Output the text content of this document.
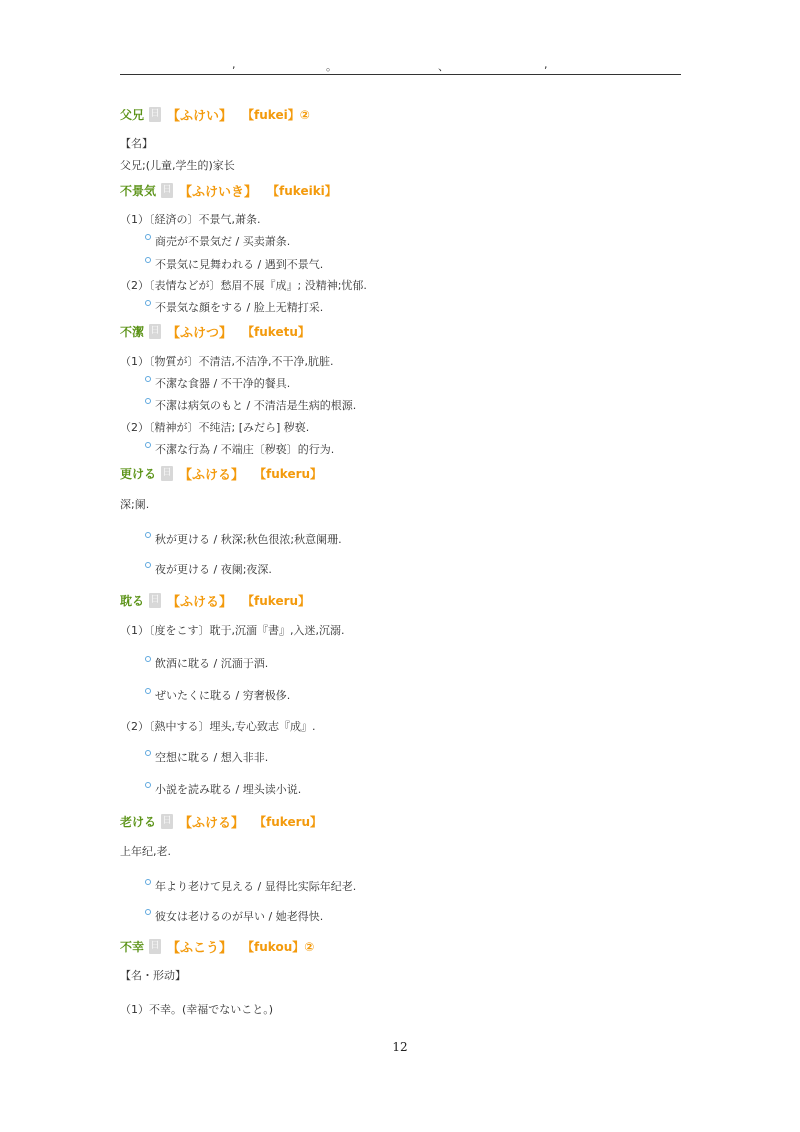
,	。	、	,
父兄 日 【ふけい】 【fukei】②
【名】
父兄;(儿童,学生的)家长
不景気 日 【ふけいき】 【fukeiki】
（1）〔経済の〕不景气,萧条.
商売が不景気だ / 买卖萧条.
不景気に見舞われる / 遇到不景气.
（2）〔表情などが〕愁眉不展『成』; 没精神;忧郁.
不景気な顔をする / 脸上无精打采.
不潔 日 【ふけつ】 【fuketu】
（1）〔物質が〕不清洁,不洁净,不干净,肮脏.
不潔な食器 / 不干净的餐具.
不潔は病気のもと / 不清洁是生病的根源.
（2）〔精神が〕不纯洁; [みだら] 秽亵.
不潔な行為 / 不端庄〔秽亵〕的行为.
更ける 日 【ふける】 【fukeru】
深;阑.
秋が更ける / 秋深;秋色很浓;秋意阑珊.
夜が更ける / 夜阑;夜深.
耽る 日 【ふける】 【fukeru】
（1）〔度をこす〕耽于,沉湎『書』,入迷,沉溺.
飲酒に耽る / 沉湎于酒.
ぜいたくに耽る / 穷奢极侈.
（2）〔熱中する〕埋头,专心致志『成』.
空想に耽る / 想入非非.
小説を読み耽る / 埋头读小说.
老ける 日 【ふける】 【fukeru】
上年纪,老.
年より老けて見える / 显得比实际年纪老.
彼女は老けるのが早い / 她老得快.
不幸 日 【ふこう】 【fukou】②
【名・形动】
（1）不幸。(幸福でないこと。)
12
